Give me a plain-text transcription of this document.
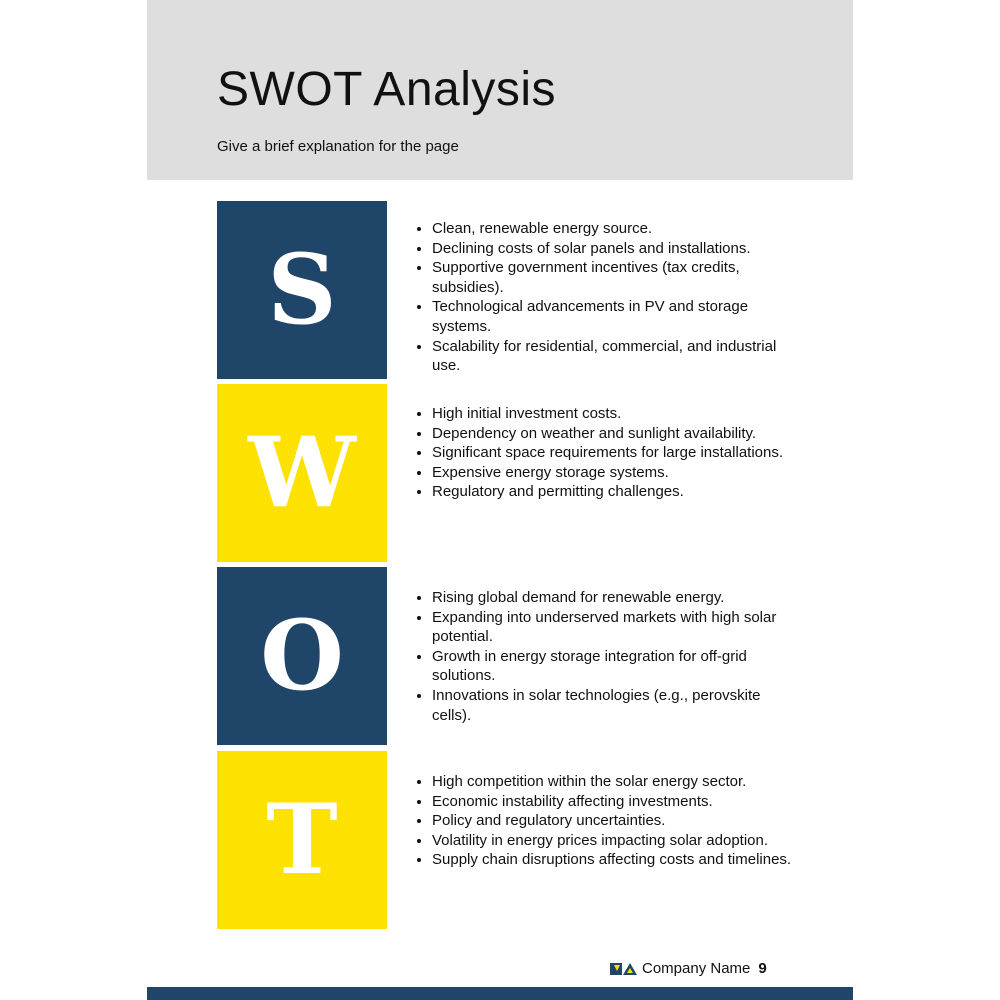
SWOT Analysis
Give a brief explanation for the page
S
• Clean, renewable energy source.
• Declining costs of solar panels and installations.
• Supportive government incentives (tax credits, subsidies).
• Technological advancements in PV and storage systems.
• Scalability for residential, commercial, and industrial use.
W
• High initial investment costs.
• Dependency on weather and sunlight availability.
• Significant space requirements for large installations.
• Expensive energy storage systems.
• Regulatory and permitting challenges.
O
• Rising global demand for renewable energy.
• Expanding into underserved markets with high solar potential.
• Growth in energy storage integration for off-grid solutions.
• Innovations in solar technologies (e.g., perovskite cells).
T
• High competition within the solar energy sector.
• Economic instability affecting investments.
• Policy and regulatory uncertainties.
• Volatility in energy prices impacting solar adoption.
• Supply chain disruptions affecting costs and timelines.
Company Name 9
